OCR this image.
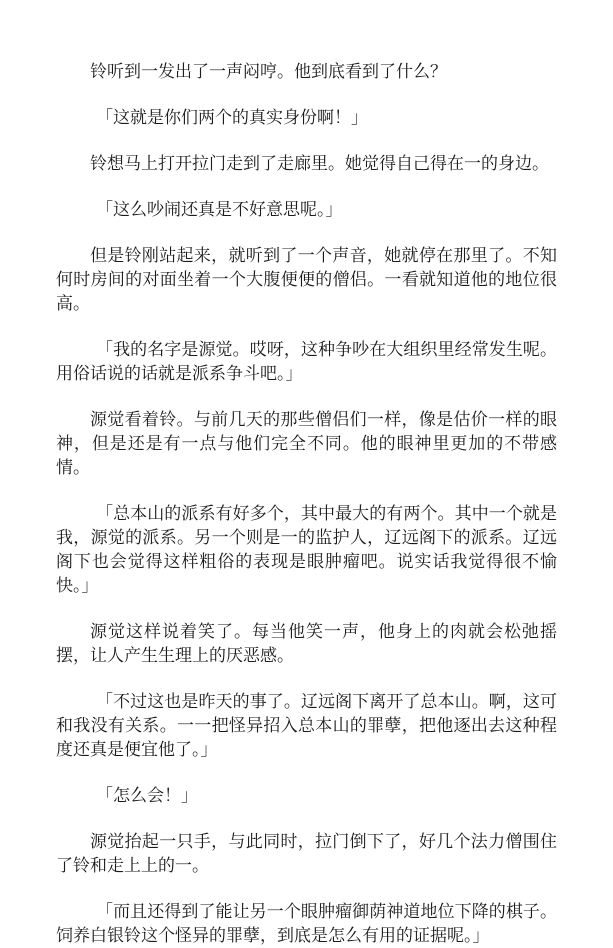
铃听到一发出了一声闷哼。他到底看到了什么？

「这就是你们两个的真实身份啊！」

铃想马上打开拉门走到了走廊里。她觉得自己得在一的身边。

「这么吵闹还真是不好意思呢。」

但是铃刚站起来，就听到了一个声音，她就停在那里了。不知何时房间的对面坐着一个大腹便便的僧侣。一看就知道他的地位很高。

「我的名字是源觉。哎呀，这种争吵在大组织里经常发生呢。用俗话说的话就是派系争斗吧。」

源觉看着铃。与前几天的那些僧侣们一样，像是估价一样的眼神，但是还是有一点与他们完全不同。他的眼神里更加的不带感情。

「总本山的派系有好多个，其中最大的有两个。其中一个就是我，源觉的派系。另一个则是一的监护人，辽远阁下的派系。辽远阁下也会觉得这样粗俗的表现是眼肿瘤吧。说实话我觉得很不愉快。」

源觉这样说着笑了。每当他笑一声，他身上的肉就会松弛摇摆，让人产生生理上的厌恶感。

「不过这也是昨天的事了。辽远阁下离开了总本山。啊，这可和我没有关系。一一把怪异招入总本山的罪孽，把他逐出去这种程度还真是便宜他了。」

「怎么会！」

源觉抬起一只手，与此同时，拉门倒下了，好几个法力僧围住了铃和走上上的一。

「而且还得到了能让另一个眼肿瘤御荫神道地位下降的棋子。饲养白银铃这个怪异的罪孽，到底是怎么有用的证据呢。」
